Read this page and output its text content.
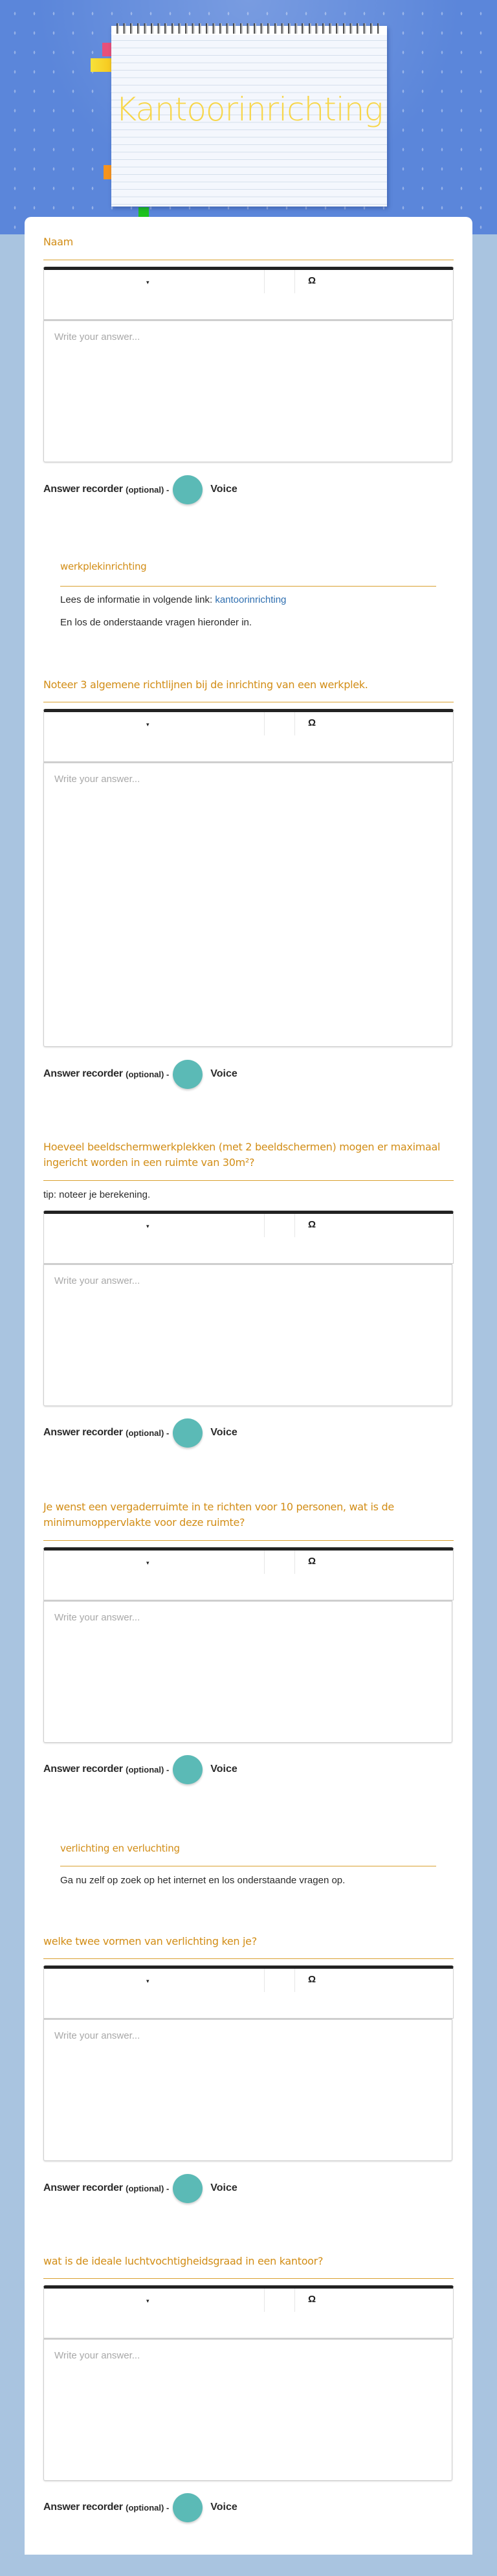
Kantoorinrichting
Naam
▾	Ω
Write your answer...
Answer recorder
(optional) -	Voice
werkplekinrichting
Lees de informatie in volgende link: kantoorinrichting
En los de onderstaande vragen hieronder in.
Noteer 3 algemene richtlijnen bij de inrichting van een werkplek.
▾	Ω
Write your answer...
Answer recorder
(optional) -	Voice
Hoeveel beeldschermwerkplekken (met 2 beeldschermen) mogen er maximaal ingericht worden in een ruimte van 30m²?
tip: noteer je berekening.
▾	Ω
Write your answer...
Answer recorder
(optional) -	Voice
Je wenst een vergaderruimte in te richten voor 10 personen, wat is de minimumoppervlakte voor deze ruimte?
▾	Ω
Write your answer...
Answer recorder
(optional) -	Voice
verlichting en verluchting
Ga nu zelf op zoek op het internet en los onderstaande vragen op.
welke twee vormen van verlichting ken je?
▾	Ω
Write your answer...
Answer recorder
(optional) -	Voice
wat is de ideale luchtvochtigheidsgraad in een kantoor?
▾	Ω
Write your answer...
Answer recorder
(optional) -	Voice
